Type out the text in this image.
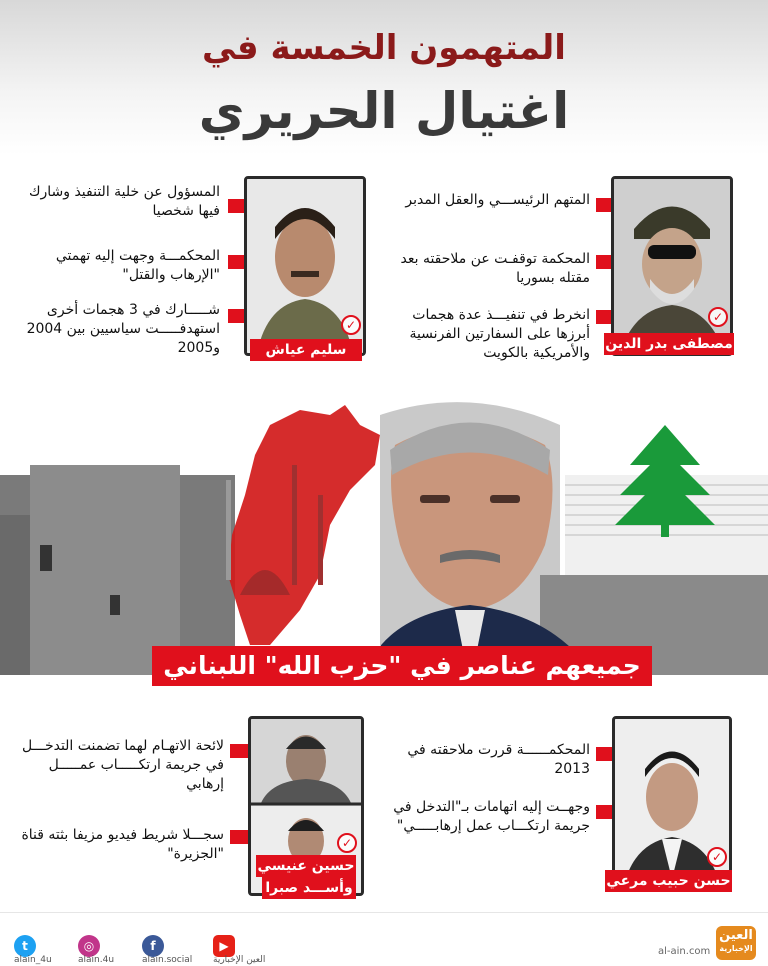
المتهمون الخمسة في
اغتيال الحريري
المسؤول عن خلية التنفيذ وشارك فيها شخصيا
المحكمـــة وجهت إليه تهمتي "الإرهاب والقتل"
شـــــارك في 3 هجمات أخرى استهدفـــــت سياسيين بين 2004 و2005
✓
سليم عياش
المتهم الرئيســـي والعقل المدبر
المحكمة توقفـت عن ملاحقته بعد مقتله بسوريا
انخرط في تنفيـــذ عدة هجمات أبرزها على السفارتين الفرنسية والأمريكية بالكويت
✓
مصطفى بدر الدين

جميعهم عناصر في "حزب الله" اللبناني
لائحة الاتهـام لهما تضمنت التدخـــل في جريمة ارتكـــــاب عمـــــل إرهابي
سجـــلا شريط فيديو مزيفا بثته قناة "الجزيرة"
✓
حسين عنيسي
وأســـد صبرا
المحكمــــــة قررت ملاحقته في 2013
وجهــت إليه اتهامات بـ"التدخل في جريمة ارتكـــاب عمل إرهابـــــي"
✓
حسن حبيب مرعي
t
alain_4u
◎
alain.4u
f
alain.social
▶
العين الإخبارية
al-ain.com
العين
الإخبارية
